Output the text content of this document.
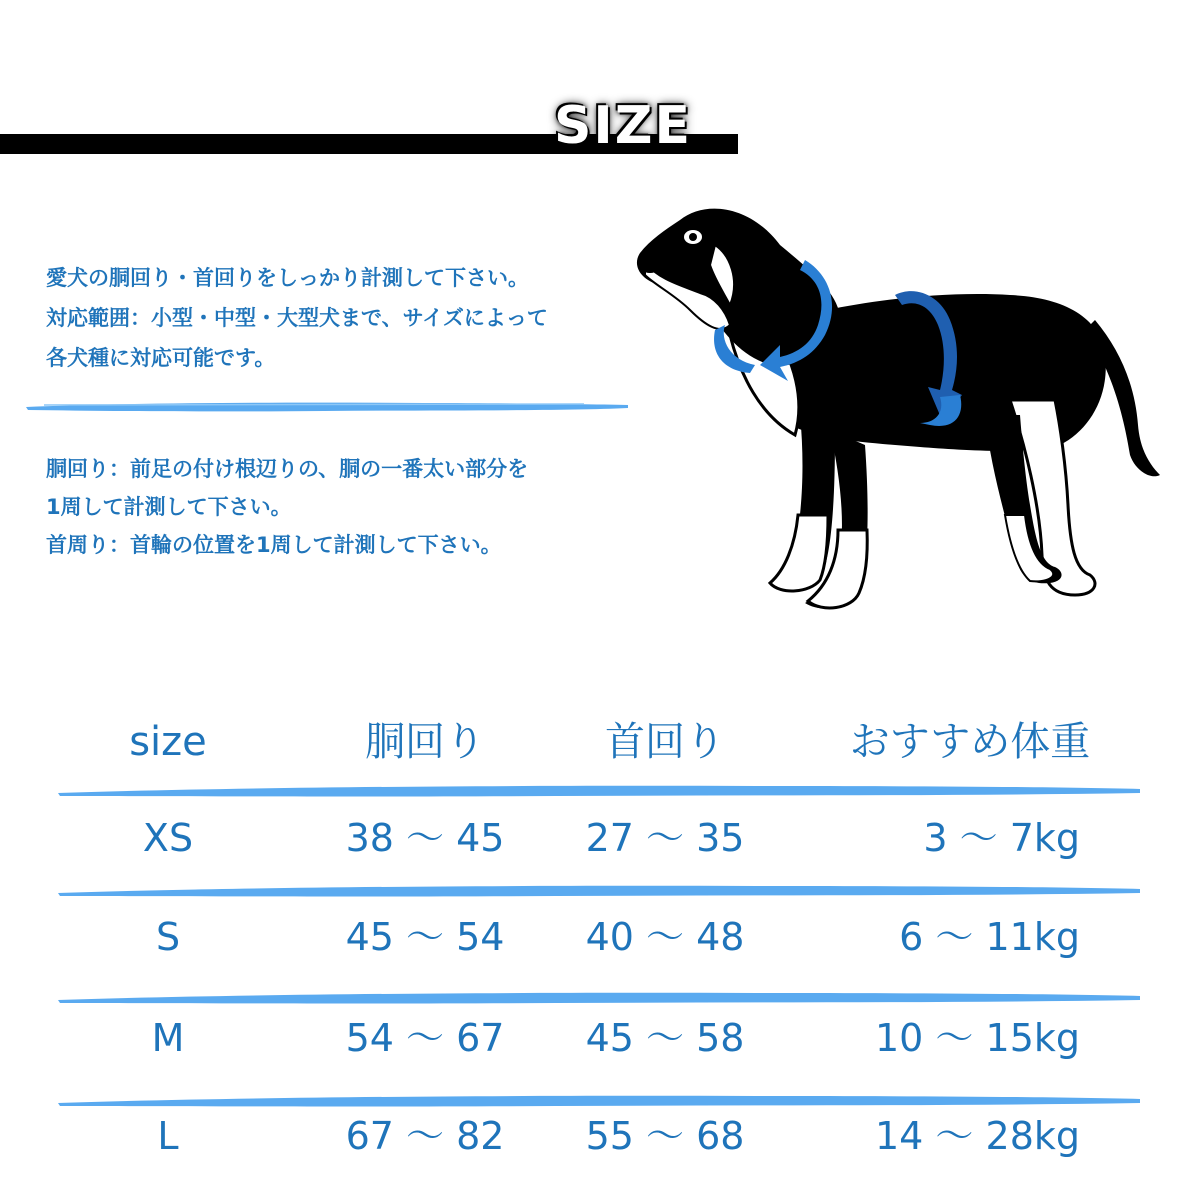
SIZE
愛犬の胴回り・首回りをしっかり計測して下さい。
対応範囲：小型・中型・大型犬まで、サイズによって
各犬種に対応可能です。
胴回り：前足の付け根辺りの、胴の一番太い部分を
1周して計測して下さい。
首周り：首輪の位置を1周して計測して下さい。
size	胴回り	首回り	おすすめ体重
XS	38 ～ 45	27 ～ 35	3 ～ 7kg
S	45 ～ 54	40 ～ 48	6 ～ 11kg
M	54 ～ 67	45 ～ 58	10 ～ 15kg
L	67 ～ 82	55 ～ 68	14 ～ 28kg
